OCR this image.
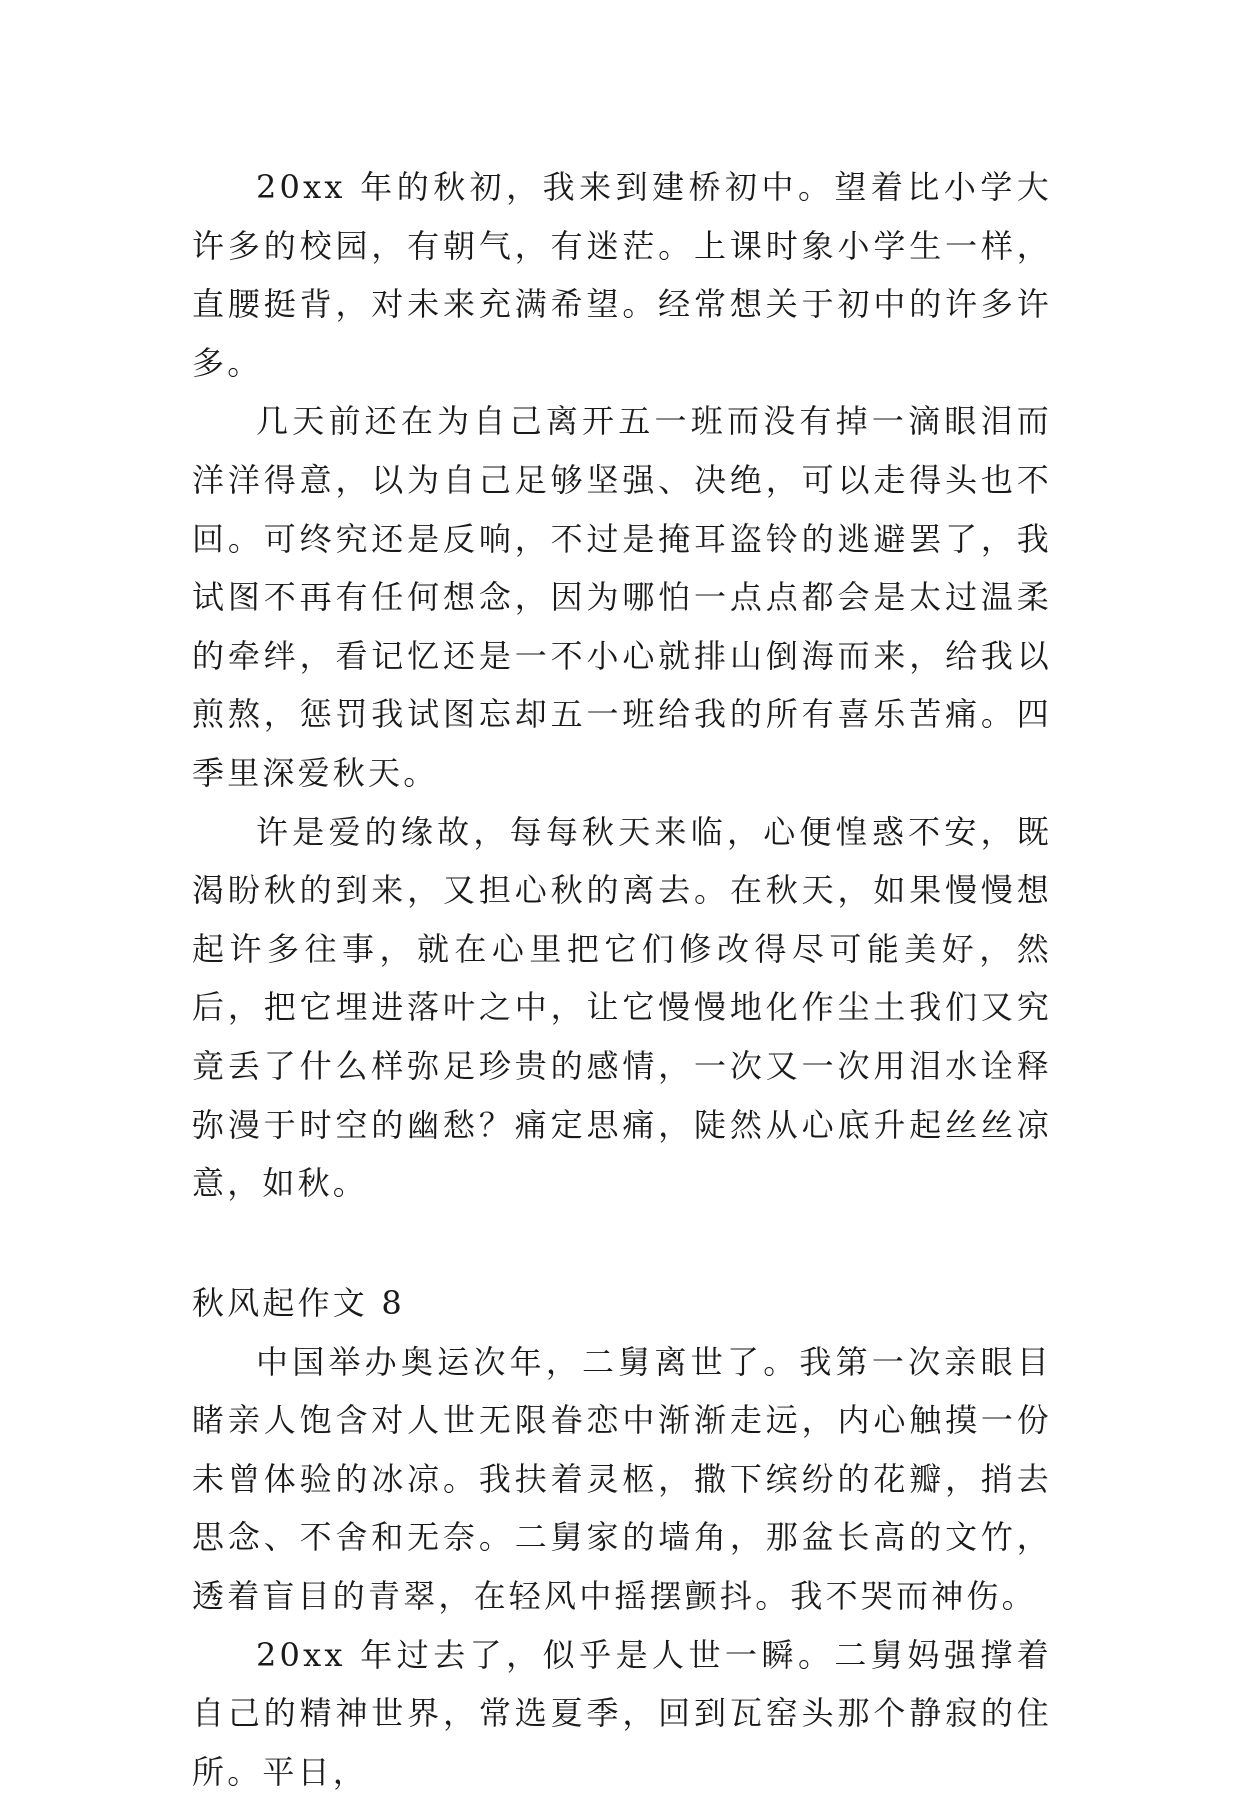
20xx 年的秋初，我来到建桥初中。望着比小学大许多的校园，有朝气，有迷茫。上课时象小学生一样，直腰挺背，对未来充满希望。经常想关于初中的许多许多。

几天前还在为自己离开五一班而没有掉一滴眼泪而洋洋得意，以为自己足够坚强、决绝，可以走得头也不回。可终究还是反响，不过是掩耳盗铃的逃避罢了，我试图不再有任何想念，因为哪怕一点点都会是太过温柔的牵绊，看记忆还是一不小心就排山倒海而来，给我以煎熬，惩罚我试图忘却五一班给我的所有喜乐苦痛。四季里深爱秋天。

许是爱的缘故，每每秋天来临，心便惶惑不安，既渴盼秋的到来，又担心秋的离去。在秋天，如果慢慢想起许多往事，就在心里把它们修改得尽可能美好，然后，把它埋进落叶之中，让它慢慢地化作尘土我们又究竟丢了什么样弥足珍贵的感情，一次又一次用泪水诠释弥漫于时空的幽愁？痛定思痛，陡然从心底升起丝丝凉意，如秋。

秋风起作文 8

中国举办奥运次年，二舅离世了。我第一次亲眼目睹亲人饱含对人世无限眷恋中渐渐走远，内心触摸一份未曾体验的冰凉。我扶着灵柩，撒下缤纷的花瓣，捎去思念、不舍和无奈。二舅家的墙角，那盆长高的文竹，透着盲目的青翠，在轻风中摇摆颤抖。我不哭而神伤。

20xx 年过去了，似乎是人世一瞬。二舅妈强撑着自己的精神世界，常选夏季，回到瓦窑头那个静寂的住所。平日，
